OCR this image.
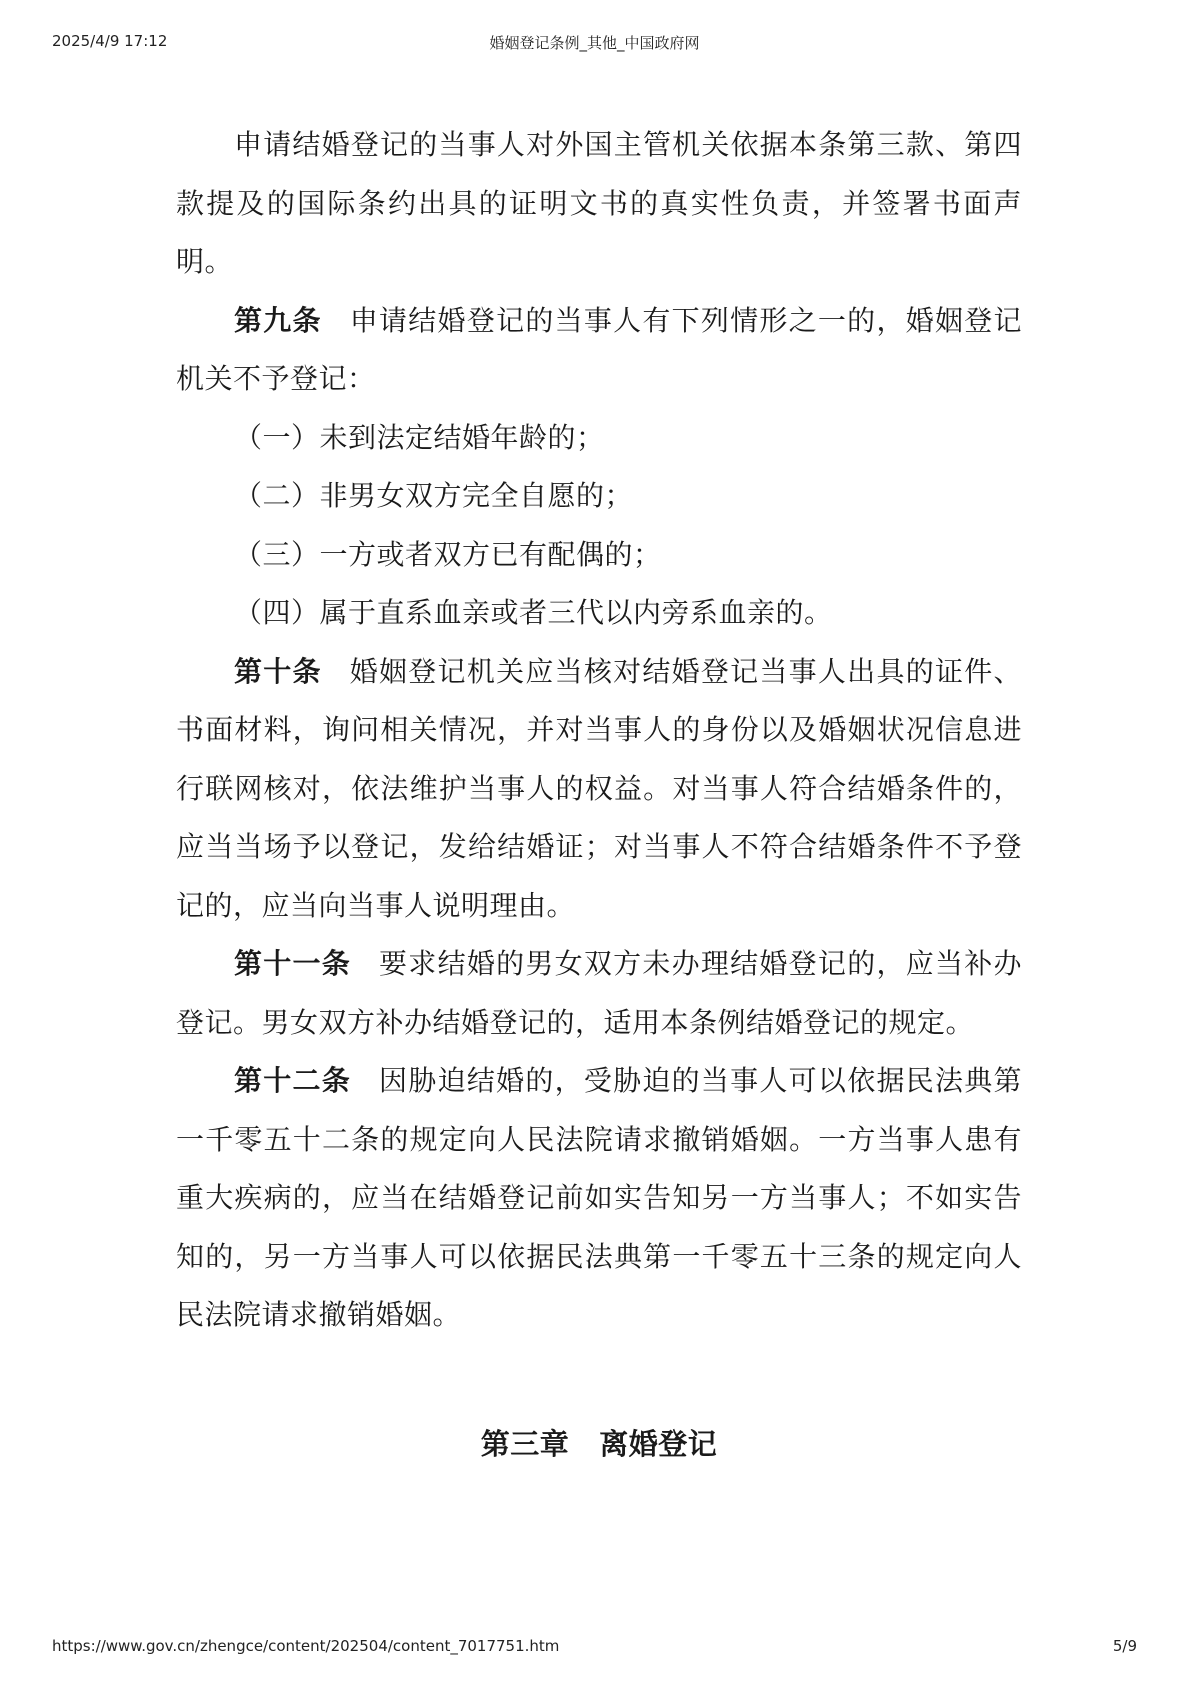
2025/4/9 17:12	婚姻登记条例_其他_中国政府网

申请结婚登记的当事人对外国主管机关依据本条第三款、第四款提及的国际条约出具的证明文书的真实性负责，并签署书面声明。

第九条 申请结婚登记的当事人有下列情形之一的，婚姻登记机关不予登记：

（一）未到法定结婚年龄的；

（二）非男女双方完全自愿的；

（三）一方或者双方已有配偶的；

（四）属于直系血亲或者三代以内旁系血亲的。

第十条 婚姻登记机关应当核对结婚登记当事人出具的证件、书面材料，询问相关情况，并对当事人的身份以及婚姻状况信息进行联网核对，依法维护当事人的权益。对当事人符合结婚条件的，应当当场予以登记，发给结婚证；对当事人不符合结婚条件不予登记的，应当向当事人说明理由。

第十一条 要求结婚的男女双方未办理结婚登记的，应当补办登记。男女双方补办结婚登记的，适用本条例结婚登记的规定。

第十二条 因胁迫结婚的，受胁迫的当事人可以依据民法典第一千零五十二条的规定向人民法院请求撤销婚姻。一方当事人患有重大疾病的，应当在结婚登记前如实告知另一方当事人；不如实告知的，另一方当事人可以依据民法典第一千零五十三条的规定向人民法院请求撤销婚姻。

第三章 离婚登记

https://www.gov.cn/zhengce/content/202504/content_7017751.htm	5/9
